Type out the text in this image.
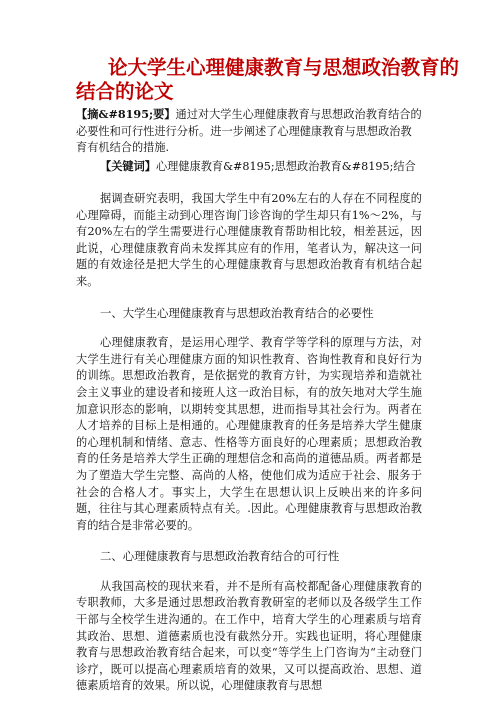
论大学生心理健康教育与思想政治教育的
结合的论文

【摘&#8195;要】通过对大学生心理健康教育与思想政治教育结合的必要性和可行性进行分析。进一步阐述了心理健康教育与思想政治教育有机结合的措施.

【关键词】心理健康教育&#8195;思想政治教育&#8195;结合

据调查研究表明，我国大学生中有20%左右的人存在不同程度的心理障碍，而能主动到心理咨询门诊咨询的学生却只有1%～2%，与有20%左右的学生需要进行心理健康教育帮助相比较，相差甚远，因此说，心理健康教育尚未发挥其应有的作用，笔者认为，解决这一问题的有效途径是把大学生的心理健康教育与思想政治教育有机结合起来。

一、大学生心理健康教育与思想政治教育结合的必要性

心理健康教育，是运用心理学、教育学等学科的原理与方法，对大学生进行有关心理健康方面的知识性教育、咨询性教育和良好行为的训练。思想政治教育，是依据党的教育方针，为实现培养和造就社会主义事业的建设者和接班人这一政治目标，有的放矢地对大学生施加意识形态的影响，以期转变其思想，进而指导其社会行为。两者在人才培养的目标上是相通的。心理健康教育的任务是培养大学生健康的心理机制和情绪、意志、性格等方面良好的心理素质；思想政治教育的任务是培养大学生正确的理想信念和高尚的道德品质。两者都是为了塑造大学生完整、高尚的人格，使他们成为适应于社会、服务于社会的合格人才。事实上，大学生在思想认识上反映出来的许多问题，往往与其心理素质特点有关。.因此。心理健康教育与思想政治教育的结合是非常必要的。

二、心理健康教育与思想政治教育结合的可行性

从我国高校的现状来看，并不是所有高校都配备心理健康教育的专职教师，大多是通过思想政治教育教研室的老师以及各级学生工作干部与全校学生进沟通的。在工作中，培育大学生的心理素质与培育其政治、思想、道德素质也没有截然分开。实践也证明，将心理健康教育与思想政治教育结合起来，可以变“等学生上门咨询为“主动登门诊疗，既可以提高心理素质培育的效果，又可以提高政治、思想、道德素质培育的效果。所以说，心理健康教育与思想
